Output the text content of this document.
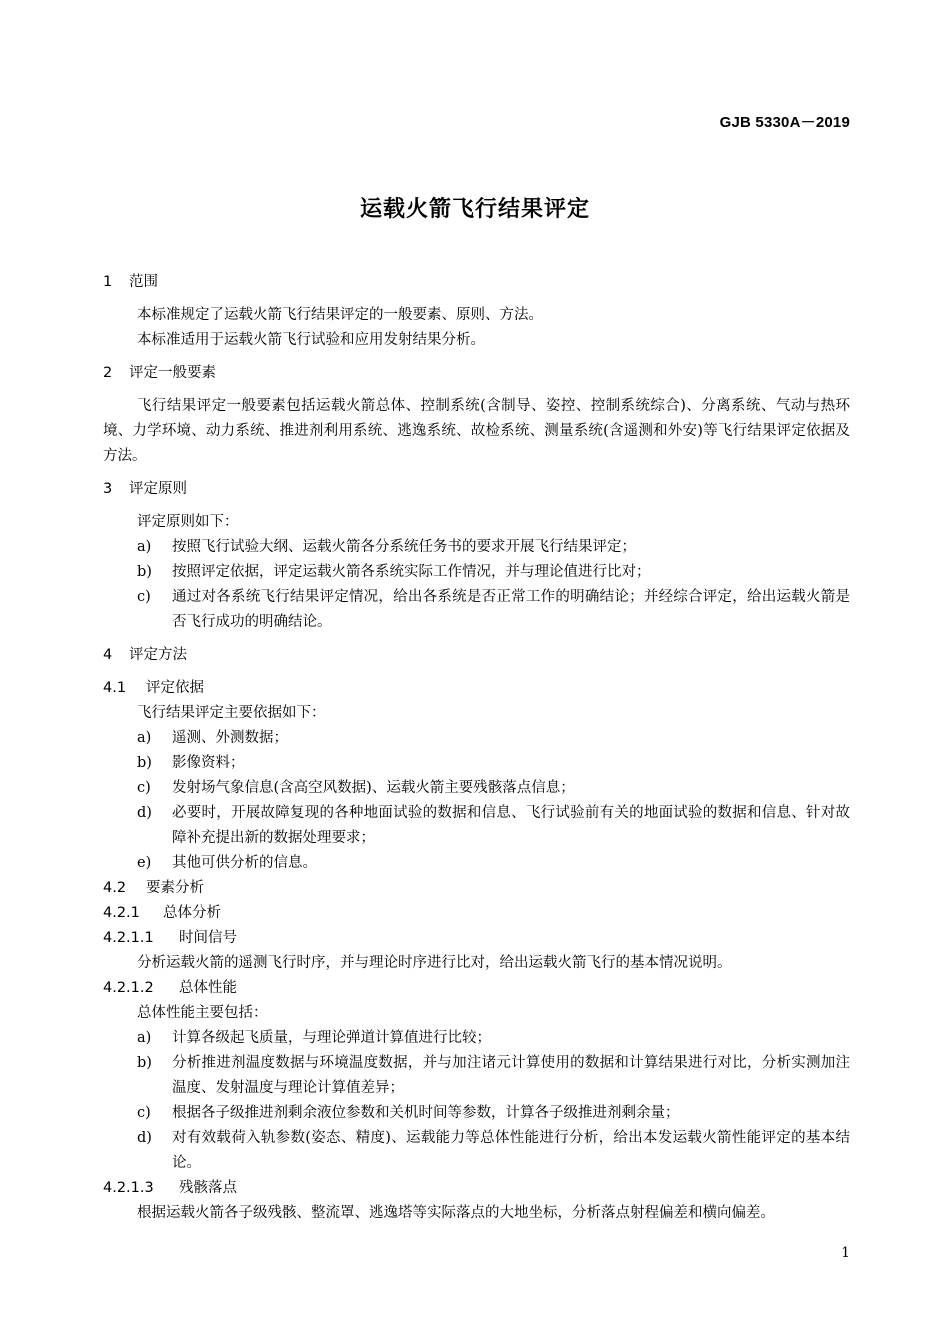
GJB 5330A－2019
运载火箭飞行结果评定
1	范围
本标准规定了运载火箭飞行结果评定的一般要素、原则、方法。
本标准适用于运载火箭飞行试验和应用发射结果分析。
2	评定一般要素
飞行结果评定一般要素包括运载火箭总体、控制系统(含制导、姿控、控制系统综合)、分离系统、气动与热环境、力学环境、动力系统、推进剂利用系统、逃逸系统、故检系统、测量系统(含遥测和外安)等飞行结果评定依据及方法。
3	评定原则
评定原则如下：
a)	按照飞行试验大纲、运载火箭各分系统任务书的要求开展飞行结果评定；
b)	按照评定依据，评定运载火箭各系统实际工作情况，并与理论值进行比对；
c)	通过对各系统飞行结果评定情况，给出各系统是否正常工作的明确结论；并经综合评定，给出运载火箭是否飞行成功的明确结论。
4	评定方法
4.1	评定依据
飞行结果评定主要依据如下：
a)	遥测、外测数据；
b)	影像资料；
c)	发射场气象信息(含高空风数据)、运载火箭主要残骸落点信息；
d)	必要时，开展故障复现的各种地面试验的数据和信息、飞行试验前有关的地面试验的数据和信息、针对故障补充提出新的数据处理要求；
e)	其他可供分析的信息。
4.2	要素分析
4.2.1	总体分析
4.2.1.1	时间信号
分析运载火箭的遥测飞行时序，并与理论时序进行比对，给出运载火箭飞行的基本情况说明。
4.2.1.2	总体性能
总体性能主要包括：
a)	计算各级起飞质量，与理论弹道计算值进行比较；
b)	分析推进剂温度数据与环境温度数据，并与加注诸元计算使用的数据和计算结果进行对比，分析实测加注温度、发射温度与理论计算值差异；
c)	根据各子级推进剂剩余液位参数和关机时间等参数，计算各子级推进剂剩余量；
d)	对有效载荷入轨参数(姿态、精度)、运载能力等总体性能进行分析，给出本发运载火箭性能评定的基本结论。
4.2.1.3	残骸落点
根据运载火箭各子级残骸、整流罩、逃逸塔等实际落点的大地坐标，分析落点射程偏差和横向偏差。
1
